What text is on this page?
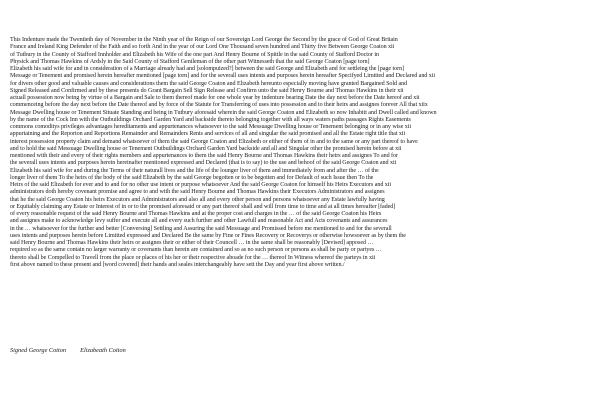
This Indenture made the Twentieth day of November in the Ninth year of the Reign of our Sovereign Lord George the Second by the grace of God of Great Britain
France and Ireland King Defender of the Faith and so forth And in the year of our Lord One Thousand seven hundred and Thirty five Between George Coaton xii
of Tutbury in the County of Stafford Innholder and Elizabeth his Wife of the one part And Henry Bourne of Spittle in the said County of Stafford Doctor in
Physick and Thomas Hawkins of Ardsly in the Said County of Stafford Gentleman of the other part Witnesseth that the said George Coaton [page torn]
Elizabeth his said wife for and in consideration of a Marriage already had and [solompuized?] between the said George and Elizabeth and for settleing the [page torn]
Message or Tenement and promised herein hereafter mentioned [page torn] and for the severall uses intents and purposes herein hereafter Specifyed Limitted and Declared and xii
for divers other good and valuable causes and considerations them the said George Coaton and Elizabeth hereunto especially moving have granted Bargained Sold and
Signed Released and Confirmed and by these presents do Grant Bargain Sell Sign Release and Confirm unto the said Henry Bourne and Thomas Hawkins in their xii
actuall possession now being by virtue of a Bargain and Sale to them thereof made for one whole year by indenture bearing Date the day next before the Date hereof and xii
commenceing before the day next before the Date thereof and by force of the Statute for Transferring of uses into possession and to their heirs and assignes forever All that xiix
Message Dwelling house or Tenement Situate Standing and being in Tutbury aforesaid wherein the said George Coaton and Elizabeth so now Inhabitt and Dwell called and known
by the name of the Cock Inn with the Outbuildings Orchard Garden Yard and backside thereto belonging together with all ways waters paths passages Rights Easements
commons comoditys privileges advantages hereditaments and appurtenances whatsoever to the said Messuage Dwelling house or Tenement belonging or in any wise xii
appurtaining and the Reporton and Reportions Remainder and Remainders Rents and services of all and singular the said promised and all the Estate right title that xii
interest possession property claim and demand whatsoever of them the said George Coaton and Elizabeth or either of them of in and to the same or any part thereof to have
and to hold the said Messuage Dwelling house or Tenement Outbuildings Orchard Garden Yard backside and all and Singular other the promised herein before at xii
mentioned with their and every of their rights members and appurtenances to them the said Henry Bourne and Thomas Hawkins their heirs and assignes To and for
the severall uses intents and purposes herein hereinafter mentioned expressed and Declared (that is to say) to the use and behoof of the said George Coaton and xii
Elizabeth his said wife for and during the Terms of their naturall lives and the life of the lounger liver of them and immediately from and after the … of the
longer liver of them To the heirs of the body of the said Elizabeth by the said George begotten or to be begotten and for Default of such Issue then To the
Heirs of the said Elizabeth for ever and to and for no other use intent or purpose whatsoever And the said George Coaton for himself his Heirs Executors and xii
administrators doth hereby covenant promise and agree to and with the said Henry Bourne and Thomas Hawkins their Executors Administrators and assignes
that he the said George Coaton his heirs Executors and Administrators and also all and every other person and persons whatsoever any Estate lawfully having
or Equitably claiming any Estate or Interest of in or to the promised aforesaid or any part thereof shall and will from time to time and at all times hereafter [faded]
of every reasonable request of the said Henry Bourne and Thomas Hawkins and at the proper cost and charges in the … of the said George Coaton his Heirs
and assignes make to acknowledge levy suffer and execute all and every such further and other Lawfull and reasonable Act and Acts covenants and assurances
in the … whatsoever for the further and better [Conversing] Settling and Assuring the said Messuage and Promissed before me mentioned to and for the severall
uses intents and purposes herein before Limitted expressed and Declared Be the same by Fine or Fines Recovery or Recoverys or otherwise howsoever as by them the
said Henry Bourne and Thomas Hawkins their heirs or assignes their or either of their Councell … in the same shall be reasonably [Devised] apposed …
required so as the same contain no larger warranty or covenants than herein are contained and so as no such person or persons as shall be party or partyes …
thereto shall be Compelled to Travell from the place or places of his her or their respective aboade for the … thereof In Witness whereof the parteys in xii
first above named to these present and [word covered] their hands and seales interchangeably have sett the Day and year first above written./
Signed George Cotton Elizabeath Cotton
